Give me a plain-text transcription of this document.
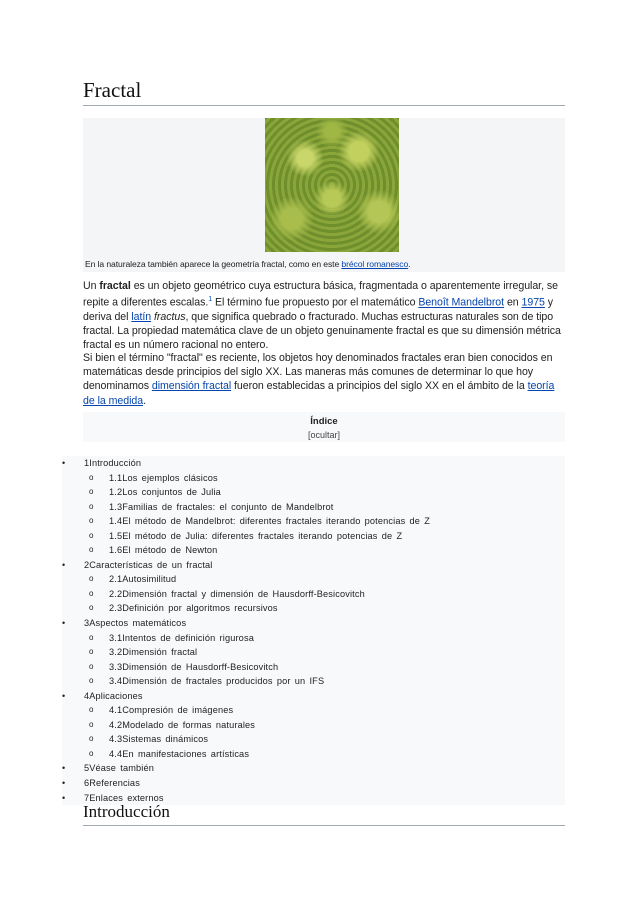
Fractal
En la naturaleza también aparece la geometría fractal, como en este brécol romanesco.
Un fractal es un objeto geométrico cuya estructura básica, fragmentada o aparentemente irregular, se repite a diferentes escalas.$^1$ El término fue propuesto por el matemático Benoît Mandelbrot en 1975 y deriva del latín fractus, que significa quebrado o fracturado. Muchas estructuras naturales son de tipo fractal. La propiedad matemática clave de un objeto genuinamente fractal es que su dimensión métrica fractal es un número racional no entero.
Si bien el término "fractal" es reciente, los objetos hoy denominados fractales eran bien conocidos en matemáticas desde principios del siglo XX. Las maneras más comunes de determinar lo que hoy denominamos dimensión fractal fueron establecidas a principios del siglo XX en el ámbito de la teoría de la medida.
Índice
[ocultar]
• 1Introducción
o 1.1Los ejemplos clásicos
o 1.2Los conjuntos de Julia
o 1.3Familias de fractales: el conjunto de Mandelbrot
o 1.4El método de Mandelbrot: diferentes fractales iterando potencias de Z
o 1.5El método de Julia: diferentes fractales iterando potencias de Z
o 1.6El método de Newton
• 2Características de un fractal
o 2.1Autosimilitud
o 2.2Dimensión fractal y dimensión de Hausdorff-Besicovitch
o 2.3Definición por algoritmos recursivos
• 3Aspectos matemáticos
o 3.1Intentos de definición rigurosa
o 3.2Dimensión fractal
o 3.3Dimensión de Hausdorff-Besicovitch
o 3.4Dimensión de fractales producidos por un IFS
• 4Aplicaciones
o 4.1Compresión de imágenes
o 4.2Modelado de formas naturales
o 4.3Sistemas dinámicos
o 4.4En manifestaciones artísticas
• 5Véase también
• 6Referencias
• 7Enlaces externos
Introducción
